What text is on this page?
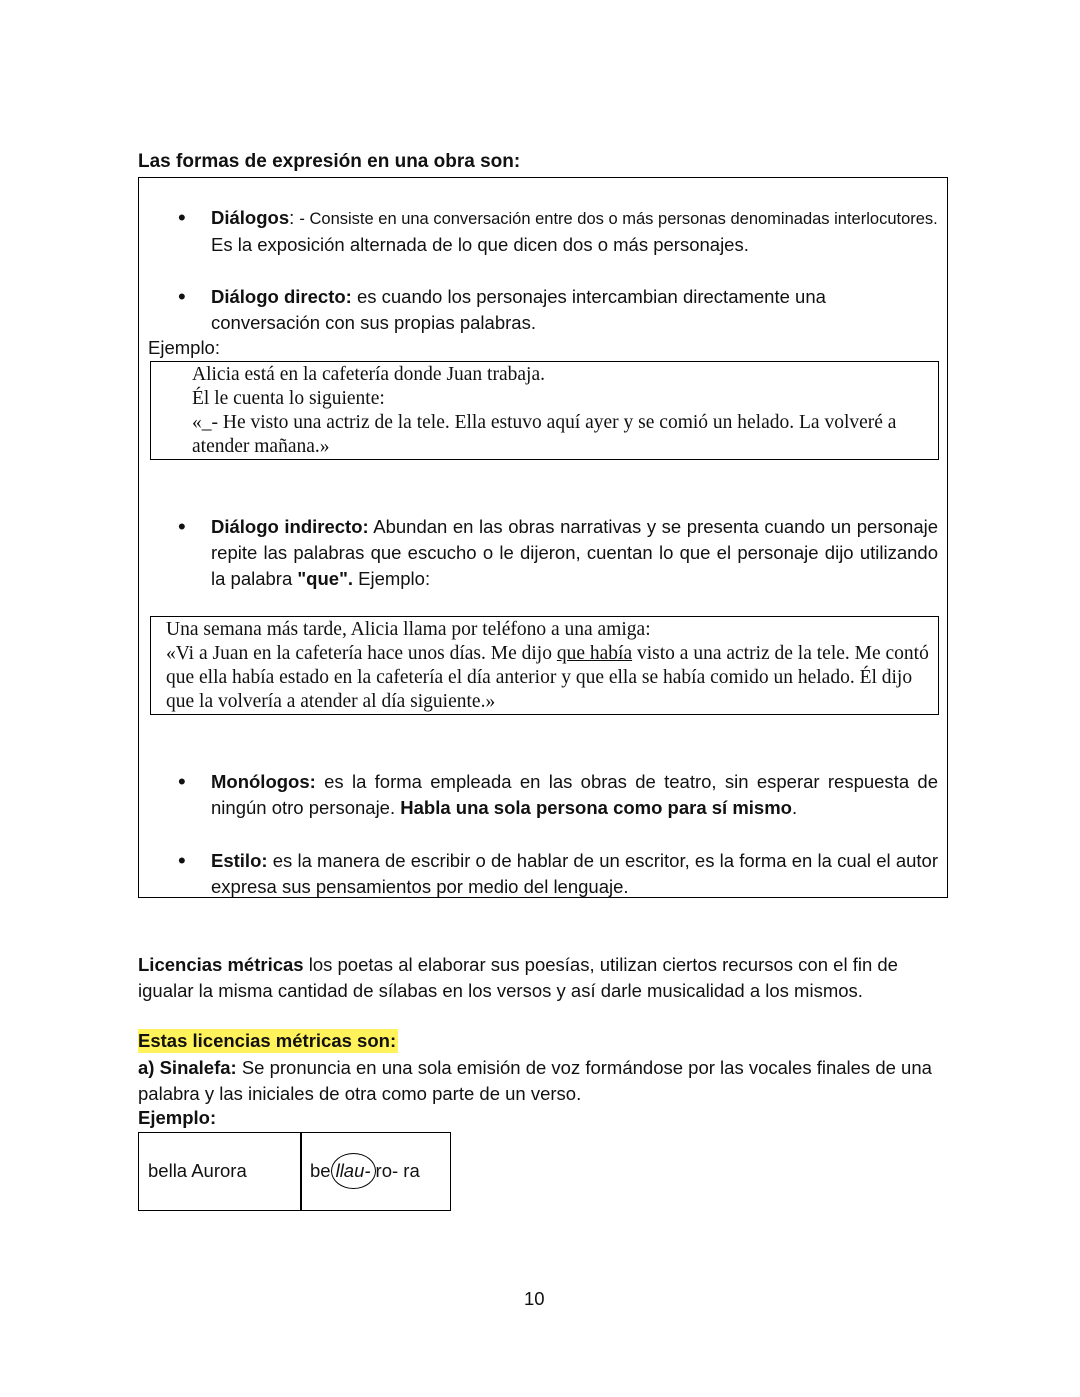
Las formas de expresión en una obra son:
• Diálogos: - Consiste en una conversación entre dos o más personas denominadas interlocutores. Es la exposición alternada de lo que dicen dos o más personajes.
• Diálogo directo: es cuando los personajes intercambian directamente una conversación con sus propias palabras.
Ejemplo:
Alicia está en la cafetería donde Juan trabaja.
Él le cuenta lo siguiente:
«_- He visto una actriz de la tele. Ella estuvo aquí ayer y se comió un helado. La volveré a atender mañana.»
• Diálogo indirecto: Abundan en las obras narrativas y se presenta cuando un personaje repite las palabras que escucho o le dijeron, cuentan lo que el personaje dijo utilizando la palabra "que". Ejemplo:
Una semana más tarde, Alicia llama por teléfono a una amiga:
«Vi a Juan en la cafetería hace unos días. Me dijo que había visto a una actriz de la tele. Me contó que ella había estado en la cafetería el día anterior y que ella se había comido un helado. Él dijo que la volvería a atender al día siguiente.»
• Monólogos: es la forma empleada en las obras de teatro, sin esperar respuesta de ningún otro personaje. Habla una sola persona como para sí mismo.
• Estilo: es la manera de escribir o de hablar de un escritor, es la forma en la cual el autor expresa sus pensamientos por medio del lenguaje.
Licencias métricas los poetas al elaborar sus poesías, utilizan ciertos recursos con el fin de igualar la misma cantidad de sílabas en los versos y así darle musicalidad a los mismos.
Estas licencias métricas son:
a) Sinalefa: Se pronuncia en una sola emisión de voz formándose por las vocales finales de una palabra y las iniciales de otra como parte de un verso.
Ejemplo:
bella Aurora	be llau- ro- ra
10
